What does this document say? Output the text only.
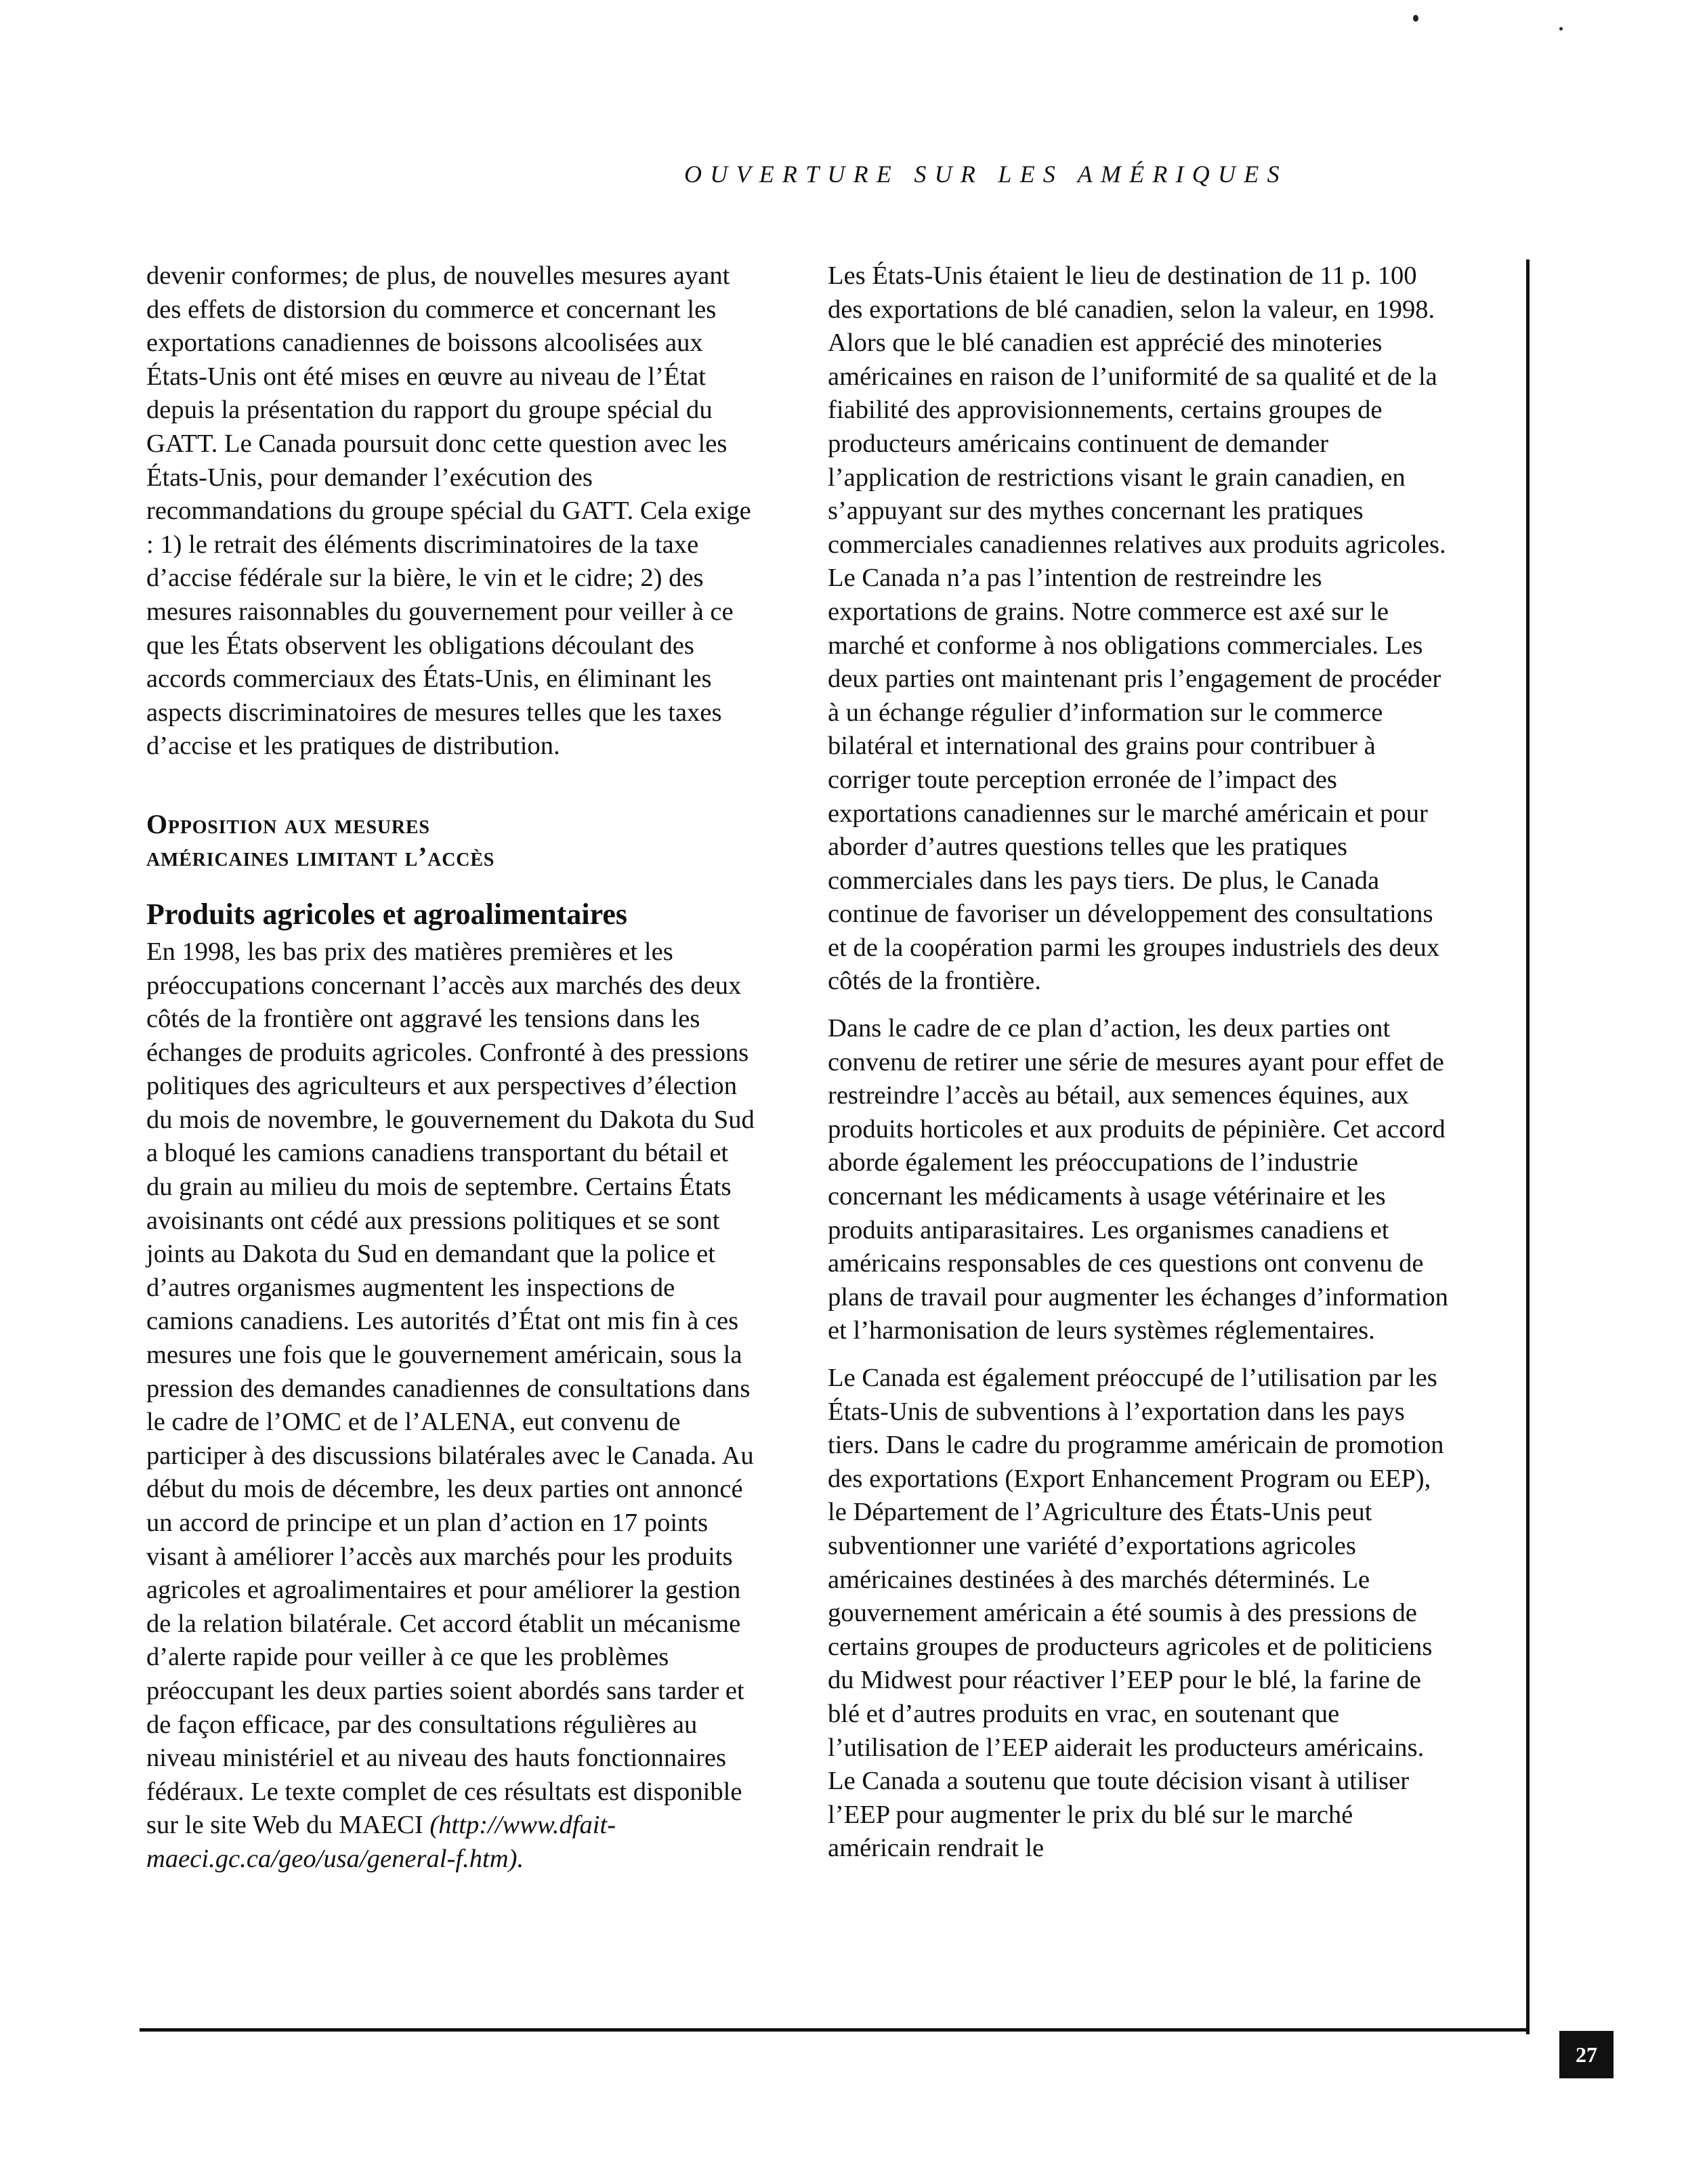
OUVERTURE SUR LES AMÉRIQUES

devenir conformes; de plus, de nouvelles mesures ayant des effets de distorsion du commerce et concernant les exportations canadiennes de boissons alcoolisées aux États-Unis ont été mises en œuvre au niveau de l’État depuis la présentation du rapport du groupe spécial du GATT. Le Canada poursuit donc cette question avec les États-Unis, pour demander l’exécution des recommandations du groupe spécial du GATT. Cela exige : 1) le retrait des éléments discriminatoires de la taxe d’accise fédérale sur la bière, le vin et le cidre; 2) des mesures raisonnables du gouvernement pour veiller à ce que les États observent les obligations découlant des accords commerciaux des États-Unis, en éliminant les aspects discriminatoires de mesures telles que les taxes d’accise et les pratiques de distribution.

Opposition aux mesures
américaines limitant l’accès
Produits agricoles et agroalimentaires

En 1998, les bas prix des matières premières et les préoccupations concernant l’accès aux marchés des deux côtés de la frontière ont aggravé les tensions dans les échanges de produits agricoles. Confronté à des pressions politiques des agriculteurs et aux perspectives d’élection du mois de novembre, le gouvernement du Dakota du Sud a bloqué les camions canadiens transportant du bétail et du grain au milieu du mois de septembre. Certains États avoisinants ont cédé aux pressions politiques et se sont joints au Dakota du Sud en demandant que la police et d’autres organismes augmentent les inspections de camions canadiens. Les autorités d’État ont mis fin à ces mesures une fois que le gouvernement américain, sous la pression des demandes canadiennes de consultations dans le cadre de l’OMC et de l’ALENA, eut convenu de participer à des discussions bilatérales avec le Canada. Au début du mois de décembre, les deux parties ont annoncé un accord de principe et un plan d’action en 17 points visant à améliorer l’accès aux marchés pour les produits agricoles et agroalimentaires et pour améliorer la gestion de la relation bilatérale. Cet accord établit un mécanisme d’alerte rapide pour veiller à ce que les problèmes préoccupant les deux parties soient abordés sans tarder et de façon efficace, par des consultations régulières au niveau ministériel et au niveau des hauts fonctionnaires fédéraux. Le texte complet de ces résultats est disponible sur le site Web du MAECI (http://www.dfait-maeci.gc.ca/geo/usa/general-f.htm).

Les États-Unis étaient le lieu de destination de 11 p. 100 des exportations de blé canadien, selon la valeur, en 1998. Alors que le blé canadien est apprécié des minoteries américaines en raison de l’uniformité de sa qualité et de la fiabilité des approvisionnements, certains groupes de producteurs américains continuent de demander l’application de restrictions visant le grain canadien, en s’appuyant sur des mythes concernant les pratiques commerciales canadiennes relatives aux produits agricoles. Le Canada n’a pas l’intention de restreindre les exportations de grains. Notre commerce est axé sur le marché et conforme à nos obligations commerciales. Les deux parties ont maintenant pris l’engagement de procéder à un échange régulier d’information sur le commerce bilatéral et international des grains pour contribuer à corriger toute perception erronée de l’impact des exportations canadiennes sur le marché américain et pour aborder d’autres questions telles que les pratiques commerciales dans les pays tiers. De plus, le Canada continue de favoriser un développement des consultations et de la coopération parmi les groupes industriels des deux côtés de la frontière.

Dans le cadre de ce plan d’action, les deux parties ont convenu de retirer une série de mesures ayant pour effet de restreindre l’accès au bétail, aux semences équines, aux produits horticoles et aux produits de pépinière. Cet accord aborde également les préoccupations de l’industrie concernant les médicaments à usage vétérinaire et les produits antiparasitaires. Les organismes canadiens et américains responsables de ces questions ont convenu de plans de travail pour augmenter les échanges d’information et l’harmonisation de leurs systèmes réglementaires.

Le Canada est également préoccupé de l’utilisation par les États-Unis de subventions à l’exportation dans les pays tiers. Dans le cadre du programme américain de promotion des exportations (Export Enhancement Program ou EEP), le Département de l’Agriculture des États-Unis peut subventionner une variété d’exportations agricoles américaines destinées à des marchés déterminés. Le gouvernement américain a été soumis à des pressions de certains groupes de producteurs agricoles et de politiciens du Midwest pour réactiver l’EEP pour le blé, la farine de blé et d’autres produits en vrac, en soutenant que l’utilisation de l’EEP aiderait les producteurs américains. Le Canada a soutenu que toute décision visant à utiliser l’EEP pour augmenter le prix du blé sur le marché américain rendrait le

27
